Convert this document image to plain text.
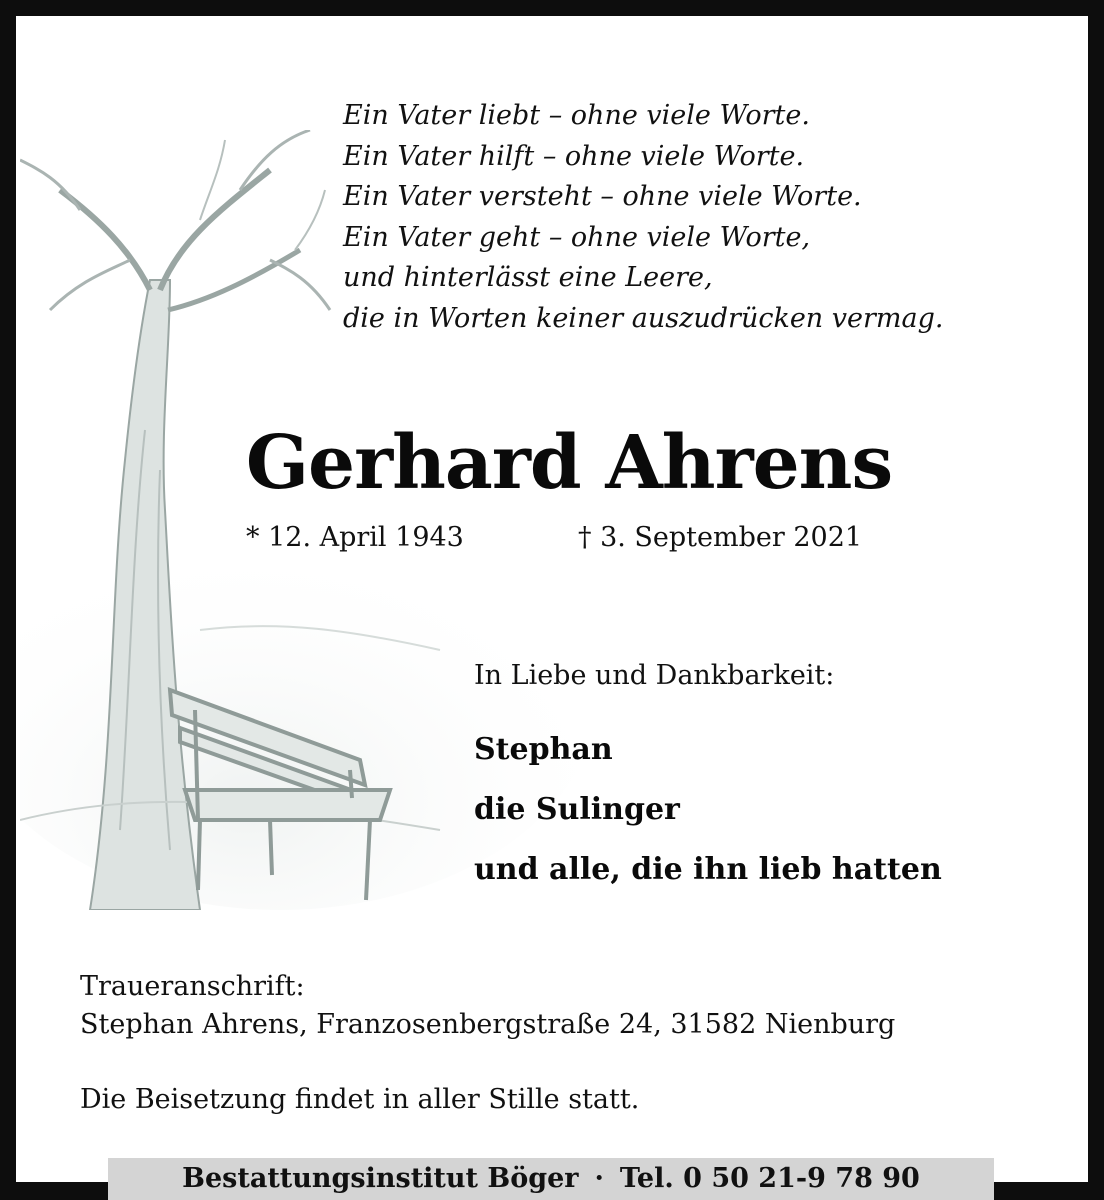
Ein Vater liebt – ohne viele Worte.
Ein Vater hilft – ohne viele Worte.
Ein Vater versteht – ohne viele Worte.
Ein Vater geht – ohne viele Worte,
und hinterlässt eine Leere,
die in Worten keiner auszudrücken vermag.
Gerhard Ahrens
* 12. April 1943	† 3. September 2021
In Liebe und Dankbarkeit:
Stephan
die Sulinger
und alle, die ihn lieb hatten
Traueranschrift:
Stephan Ahrens, Franzosenbergstraße 24, 31582 Nienburg
Die Beisetzung findet in aller Stille statt.
Bestattungsinstitut Böger · Tel. 0 50 21-9 78 90
